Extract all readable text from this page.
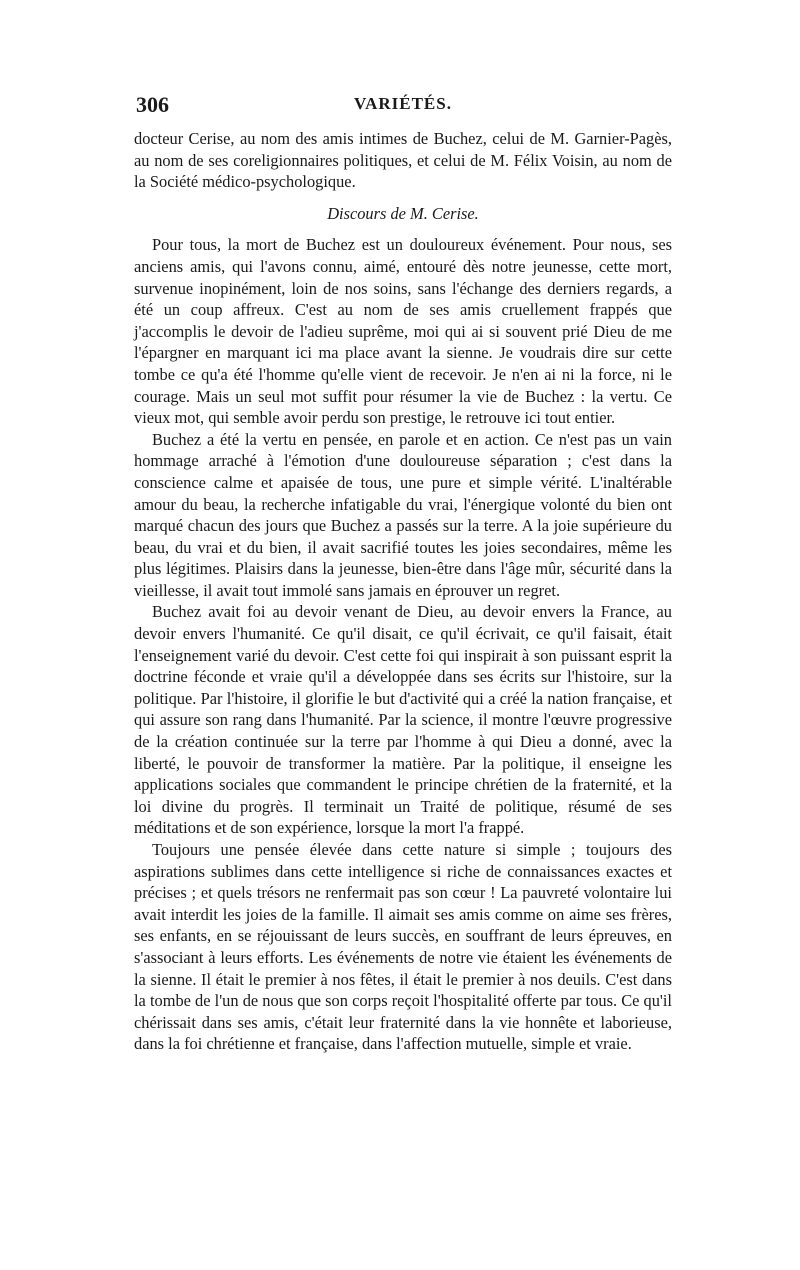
306	VARIÉTÉS.

docteur Cerise, au nom des amis intimes de Buchez, celui de M. Garnier-Pagès, au nom de ses coreligionnaires politiques, et celui de M. Félix Voisin, au nom de la Société médico-psychologique.

Discours de M. Cerise.

Pour tous, la mort de Buchez est un douloureux événement. Pour nous, ses anciens amis, qui l'avons connu, aimé, entouré dès notre jeunesse, cette mort, survenue inopinément, loin de nos soins, sans l'échange des derniers regards, a été un coup affreux. C'est au nom de ses amis cruellement frappés que j'accomplis le devoir de l'adieu suprême, moi qui ai si souvent prié Dieu de me l'épargner en marquant ici ma place avant la sienne. Je voudrais dire sur cette tombe ce qu'a été l'homme qu'elle vient de recevoir. Je n'en ai ni la force, ni le courage. Mais un seul mot suffit pour résumer la vie de Buchez : la vertu. Ce vieux mot, qui semble avoir perdu son prestige, le retrouve ici tout entier.

Buchez a été la vertu en pensée, en parole et en action. Ce n'est pas un vain hommage arraché à l'émotion d'une douloureuse séparation ; c'est dans la conscience calme et apaisée de tous, une pure et simple vérité. L'inaltérable amour du beau, la recherche infatigable du vrai, l'énergique volonté du bien ont marqué chacun des jours que Buchez a passés sur la terre. A la joie supérieure du beau, du vrai et du bien, il avait sacrifié toutes les joies secondaires, même les plus légitimes. Plaisirs dans la jeunesse, bien-être dans l'âge mûr, sécurité dans la vieillesse, il avait tout immolé sans jamais en éprouver un regret.

Buchez avait foi au devoir venant de Dieu, au devoir envers la France, au devoir envers l'humanité. Ce qu'il disait, ce qu'il écrivait, ce qu'il faisait, était l'enseignement varié du devoir. C'est cette foi qui inspirait à son puissant esprit la doctrine féconde et vraie qu'il a développée dans ses écrits sur l'histoire, sur la politique. Par l'histoire, il glorifie le but d'activité qui a créé la nation française, et qui assure son rang dans l'humanité. Par la science, il montre l'œuvre progressive de la création continuée sur la terre par l'homme à qui Dieu a donné, avec la liberté, le pouvoir de transformer la matière. Par la politique, il enseigne les applications sociales que commandent le principe chrétien de la fraternité, et la loi divine du progrès. Il terminait un Traité de politique, résumé de ses méditations et de son expérience, lorsque la mort l'a frappé.

Toujours une pensée élevée dans cette nature si simple ; toujours des aspirations sublimes dans cette intelligence si riche de connaissances exactes et précises ; et quels trésors ne renfermait pas son cœur ! La pauvreté volontaire lui avait interdit les joies de la famille. Il aimait ses amis comme on aime ses frères, ses enfants, en se réjouissant de leurs succès, en souffrant de leurs épreuves, en s'associant à leurs efforts. Les événements de notre vie étaient les événements de la sienne. Il était le premier à nos fêtes, il était le premier à nos deuils. C'est dans la tombe de l'un de nous que son corps reçoit l'hospitalité offerte par tous. Ce qu'il chérissait dans ses amis, c'était leur fraternité dans la vie honnête et laborieuse, dans la foi chrétienne et française, dans l'affection mutuelle, simple et vraie.
